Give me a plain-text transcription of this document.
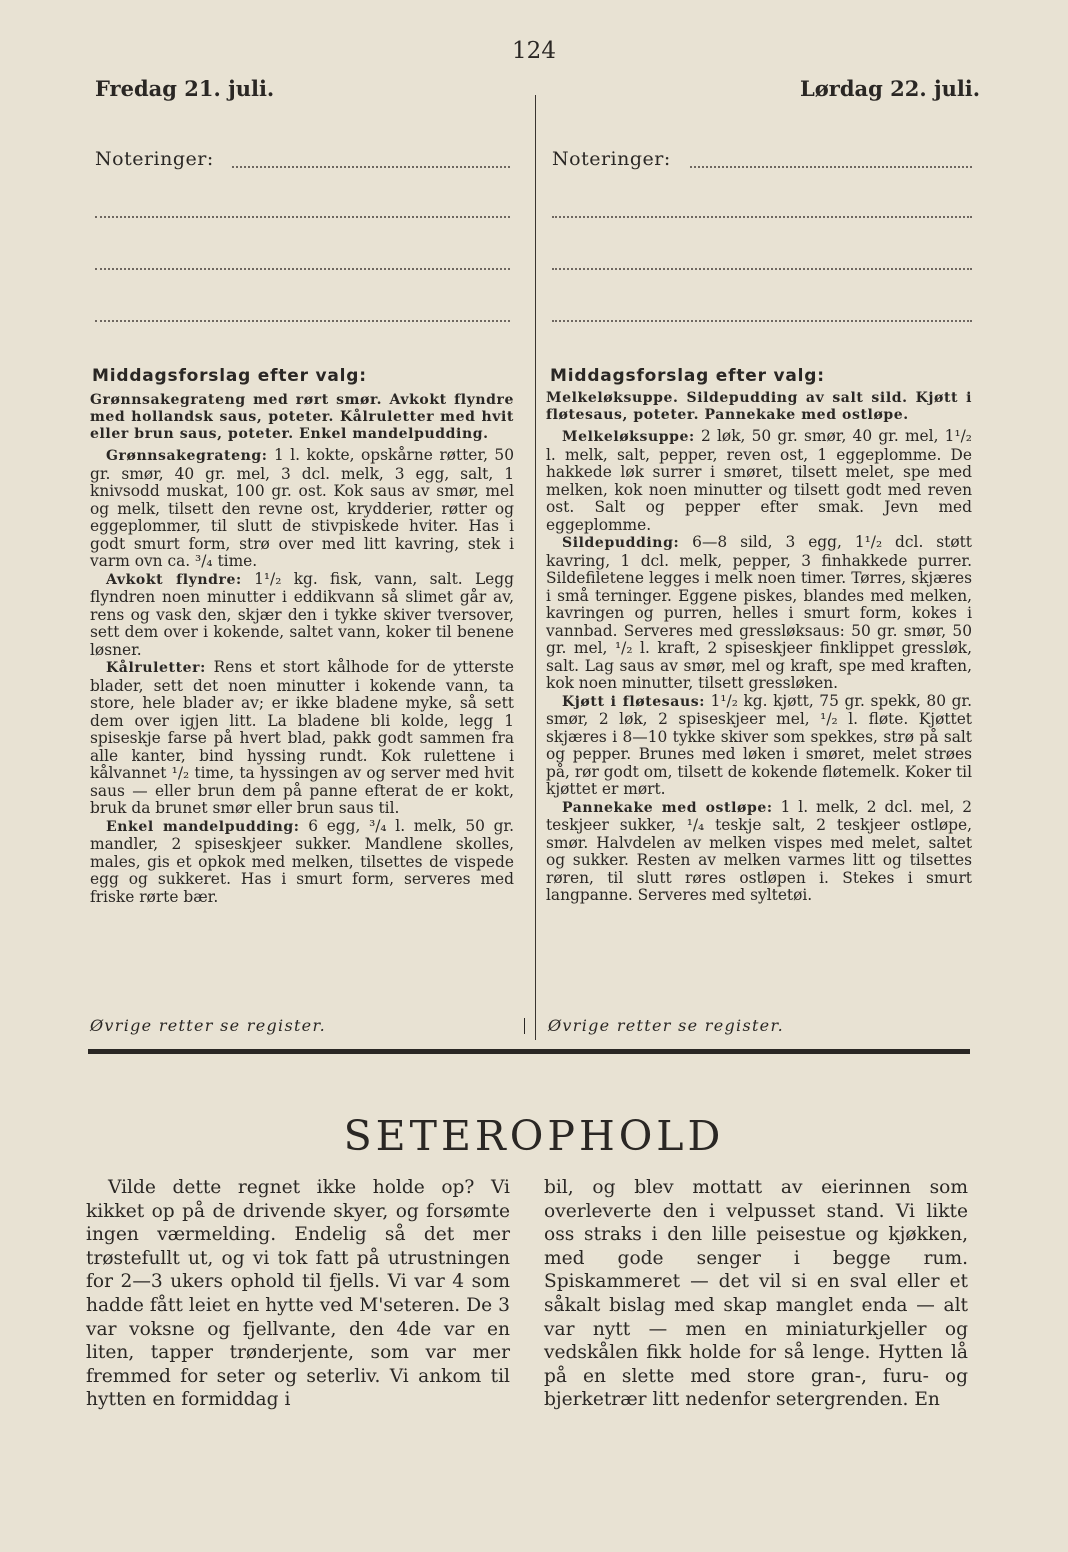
124
Fredag 21. juli.	Lørdag 22. juli.
Noteringer:	Noteringer:
Middagsforslag efter valg:

Grønnsakegrateng med rørt smør. Avkokt flyndre med hollandsk saus, poteter. Kålruletter med hvit eller brun saus, poteter. Enkel mandelpudding.

Grønnsakegrateng: 1 l. kokte, opskårne røtter, 50 gr. smør, 40 gr. mel, 3 dcl. melk, 3 egg, salt, 1 knivsodd muskat, 100 gr. ost. Kok saus av smør, mel og melk, tilsett den revne ost, krydderier, røtter og eggeplommer, til slutt de stivpiskede hviter. Has i godt smurt form, strø over med litt kavring, stek i varm ovn ca. ³/₄ time.

Avkokt flyndre: 1¹/₂ kg. fisk, vann, salt. Legg flyndren noen minutter i eddikvann så slimet går av, rens og vask den, skjær den i tykke skiver tversover, sett dem over i kokende, saltet vann, koker til benene løsner.

Kålruletter: Rens et stort kålhode for de ytterste blader, sett det noen minutter i kokende vann, ta store, hele blader av; er ikke bladene myke, så sett dem over igjen litt. La bladene bli kolde, legg 1 spiseskje farse på hvert blad, pakk godt sammen fra alle kanter, bind hyssing rundt. Kok rulettene i kålvannet ¹/₂ time, ta hyssingen av og server med hvit saus — eller brun dem på panne efterat de er kokt, bruk da brunet smør eller brun saus til.

Enkel mandelpudding: 6 egg, ³/₄ l. melk, 50 gr. mandler, 2 spiseskjeer sukker. Mandlene skolles, males, gis et opkok med melken, tilsettes de vispede egg og sukkeret. Has i smurt form, serveres med friske rørte bær.

Øvrige retter se register.
Middagsforslag efter valg:

Melkeløksuppe. Sildepudding av salt sild. Kjøtt i fløtesaus, poteter. Pannekake med ostløpe.

Melkeløksuppe: 2 løk, 50 gr. smør, 40 gr. mel, 1¹/₂ l. melk, salt, pepper, reven ost, 1 eggeplomme. De hakkede løk surrer i smøret, tilsett melet, spe med melken, kok noen minutter og tilsett godt med reven ost. Salt og pepper efter smak. Jevn med eggeplomme.

Sildepudding: 6—8 sild, 3 egg, 1¹/₂ dcl. støtt kavring, 1 dcl. melk, pepper, 3 finhakkede purrer. Sildefiletene legges i melk noen timer. Tørres, skjæres i små terninger. Eggene piskes, blandes med melken, kavringen og purren, helles i smurt form, kokes i vannbad. Serveres med gressløksaus: 50 gr. smør, 50 gr. mel, ¹/₂ l. kraft, 2 spiseskjeer finklippet gressløk, salt. Lag saus av smør, mel og kraft, spe med kraften, kok noen minutter, tilsett gressløken.

Kjøtt i fløtesaus: 1¹/₂ kg. kjøtt, 75 gr. spekk, 80 gr. smør, 2 løk, 2 spiseskjeer mel, ¹/₂ l. fløte. Kjøttet skjæres i 8—10 tykke skiver som spekkes, strø på salt og pepper. Brunes med løken i smøret, melet strøes på, rør godt om, tilsett de kokende fløtemelk. Koker til kjøttet er mørt.

Pannekake med ostløpe: 1 l. melk, 2 dcl. mel, 2 teskjeer sukker, ¹/₄ teskje salt, 2 teskjeer ostløpe, smør. Halvdelen av melken vispes med melet, saltet og sukker. Resten av melken varmes litt og tilsettes røren, til slutt røres ostløpen i. Stekes i smurt langpanne. Serveres med syltetøi.

Øvrige retter se register.
SETEROPHOLD

Vilde dette regnet ikke holde op? Vi kikket op på de drivende skyer, og forsømte ingen værmelding. Endelig så det mer trøstefullt ut, og vi tok fatt på utrustningen for 2—3 ukers ophold til fjells. Vi var 4 som hadde fått leiet en hytte ved M'seteren. De 3 var voksne og fjellvante, den 4de var en liten, tapper trønderjente, som var mer fremmed for seter og seterliv. Vi ankom til hytten en formiddag i

bil, og blev mottatt av eierinnen som overleverte den i velpusset stand. Vi likte oss straks i den lille peisestue og kjøkken, med gode senger i begge rum. Spiskammeret — det vil si en sval eller et såkalt bislag med skap manglet enda — alt var nytt — men en miniaturkjeller og vedskålen fikk holde for så lenge. Hytten lå på en slette med store gran-, furu- og bjerketrær litt nedenfor setergrenden. En
